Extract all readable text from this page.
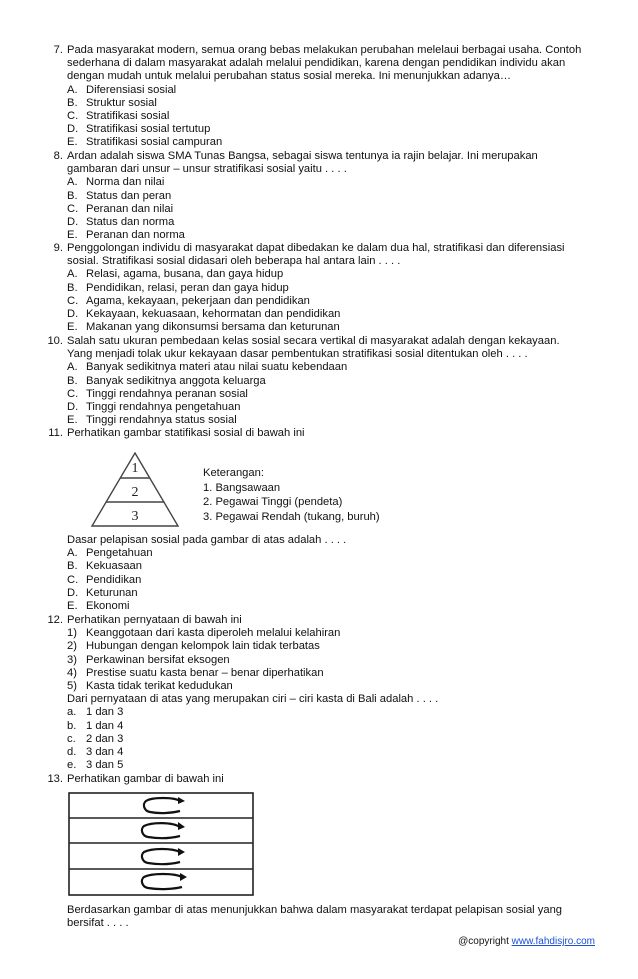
7. Pada masyarakat modern, semua orang bebas melakukan perubahan melelaui berbagai usaha. Contoh
sederhana di dalam masyarakat adalah melalui pendidikan, karena dengan pendidikan individu akan
dengan mudah untuk melalui perubahan status sosial mereka. Ini menunjukkan adanya…
A. Diferensiasi sosial
B. Struktur sosial
C. Stratifikasi sosial
D. Stratifikasi sosial tertutup
E. Stratifikasi sosial campuran
8. Ardan adalah siswa SMA Tunas Bangsa, sebagai siswa tentunya ia rajin belajar. Ini merupakan
gambaran dari unsur – unsur stratifikasi sosial yaitu . . . .
A. Norma dan nilai
B. Status dan peran
C. Peranan dan nilai
D. Status dan norma
E. Peranan dan norma
9. Penggolongan individu di masyarakat dapat dibedakan ke dalam dua hal, stratifikasi dan diferensiasi
sosial. Stratifikasi sosial didasari oleh beberapa hal antara lain . . . .
A. Relasi, agama, busana, dan gaya hidup
B. Pendidikan, relasi, peran dan gaya hidup
C. Agama, kekayaan, pekerjaan dan pendidikan
D. Kekayaan, kekuasaan, kehormatan dan pendidikan
E. Makanan yang dikonsumsi bersama dan keturunan
10. Salah satu ukuran pembedaan kelas sosial secara vertikal di masyarakat adalah dengan kekayaan.
Yang menjadi tolak ukur kekayaan dasar pembentukan stratifikasi sosial ditentukan oleh . . . .
A. Banyak sedikitnya materi atau nilai suatu kebendaan
B. Banyak sedikitnya anggota keluarga
C. Tinggi rendahnya peranan sosial
D. Tinggi rendahnya pengetahuan
E. Tinggi rendahnya status sosial
11. Perhatikan gambar statifikasi sosial di bawah ini
1
2
3
Keterangan:
1. Bangsawaan
2. Pegawai Tinggi (pendeta)
3. Pegawai Rendah (tukang, buruh)
Dasar pelapisan sosial pada gambar di atas adalah . . . .
A. Pengetahuan
B. Kekuasaan
C. Pendidikan
D. Keturunan
E. Ekonomi
12. Perhatikan pernyataan di bawah ini
1) Keanggotaan dari kasta diperoleh melalui kelahiran
2) Hubungan dengan kelompok lain tidak terbatas
3) Perkawinan bersifat eksogen
4) Prestise suatu kasta benar – benar diperhatikan
5) Kasta tidak terikat kedudukan
Dari pernyataan di atas yang merupakan ciri – ciri kasta di Bali adalah . . . .
a. 1 dan 3
b. 1 dan 4
c. 2 dan 3
d. 3 dan 4
e. 3 dan 5
13. Perhatikan gambar di bawah ini
Berdasarkan gambar di atas menunjukkan bahwa dalam masyarakat terdapat pelapisan sosial yang
bersifat . . . .
@copyright www.fahdisjro.com
